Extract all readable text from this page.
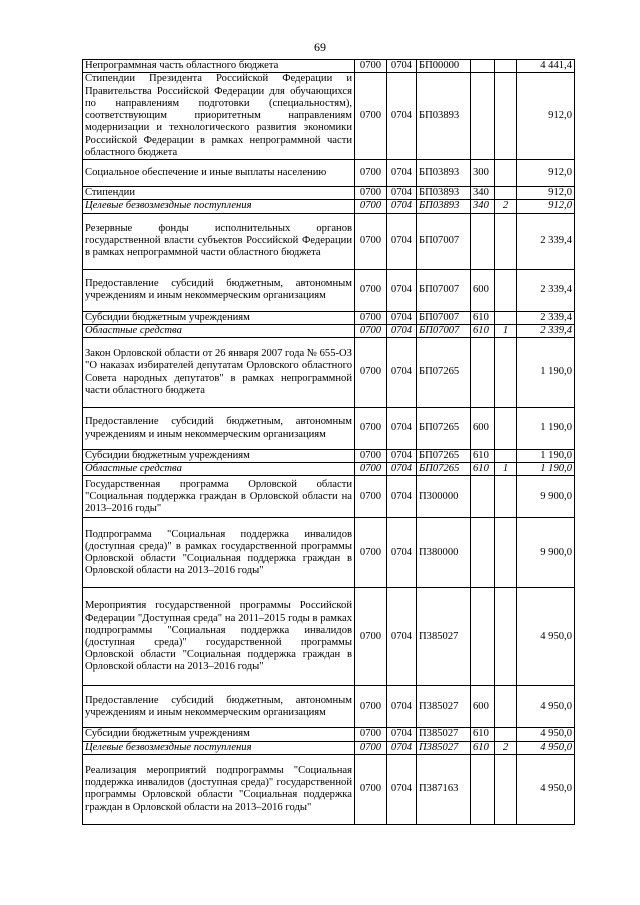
69
Непрограммная часть областного бюджета	0700	0704	БП00000			4 441,4
Стипендии Президента Российской Федерации и Правительства Российской Федерации для обучающихся по направлениям подготовки (специальностям), соответствующим приоритетным направлениям модернизации и технологического развития экономики Российской Федерации в рамках непрограммной части областного бюджета	0700	0704	БП03893			912,0
Социальное обеспечение и иные выплаты населению	0700	0704	БП03893	300		912,0
Стипендии	0700	0704	БП03893	340		912,0
Целевые безвозмездные поступления	0700	0704	БП03893	340	2	912,0
Резервные фонды исполнительных органов государственной власти субъектов Российской Федерации в рамках непрограммной части областного бюджета	0700	0704	БП07007			2 339,4
Предоставление субсидий бюджетным, автономным учреждениям и иным некоммерческим организациям	0700	0704	БП07007	600		2 339,4
Субсидии бюджетным учреждениям	0700	0704	БП07007	610		2 339,4
Областные средства	0700	0704	БП07007	610	1	2 339,4
Закон Орловской области от 26 января 2007 года № 655-ОЗ "О наказах избирателей депутатам Орловского областного Совета народных депутатов" в рамках непрограммной части областного бюджета	0700	0704	БП07265			1 190,0
Предоставление субсидий бюджетным, автономным учреждениям и иным некоммерческим организациям	0700	0704	БП07265	600		1 190,0
Субсидии бюджетным учреждениям	0700	0704	БП07265	610		1 190,0
Областные средства	0700	0704	БП07265	610	1	1 190,0
Государственная программа Орловской области "Социальная поддержка граждан в Орловской области на 2013–2016 годы"	0700	0704	П300000			9 900,0
Подпрограмма "Социальная поддержка инвалидов (доступная среда)" в рамках государственной программы Орловской области "Социальная поддержка граждан в Орловской области на 2013–2016 годы"	0700	0704	П380000			9 900,0
Мероприятия государственной программы Российской Федерации "Доступная среда" на 2011–2015 годы в рамках подпрограммы "Социальная поддержка инвалидов (доступная среда)" государственной программы Орловской области "Социальная поддержка граждан в Орловской области на 2013–2016 годы"	0700	0704	П385027			4 950,0
Предоставление субсидий бюджетным, автономным учреждениям и иным некоммерческим организациям	0700	0704	П385027	600		4 950,0
Субсидии бюджетным учреждениям	0700	0704	П385027	610		4 950,0
Целевые безвозмездные поступления	0700	0704	П385027	610	2	4 950,0
Реализация мероприятий подпрограммы "Социальная поддержка инвалидов (доступная среда)" государственной программы Орловской области "Социальная поддержка граждан в Орловской области на 2013–2016 годы"	0700	0704	П387163			4 950,0
